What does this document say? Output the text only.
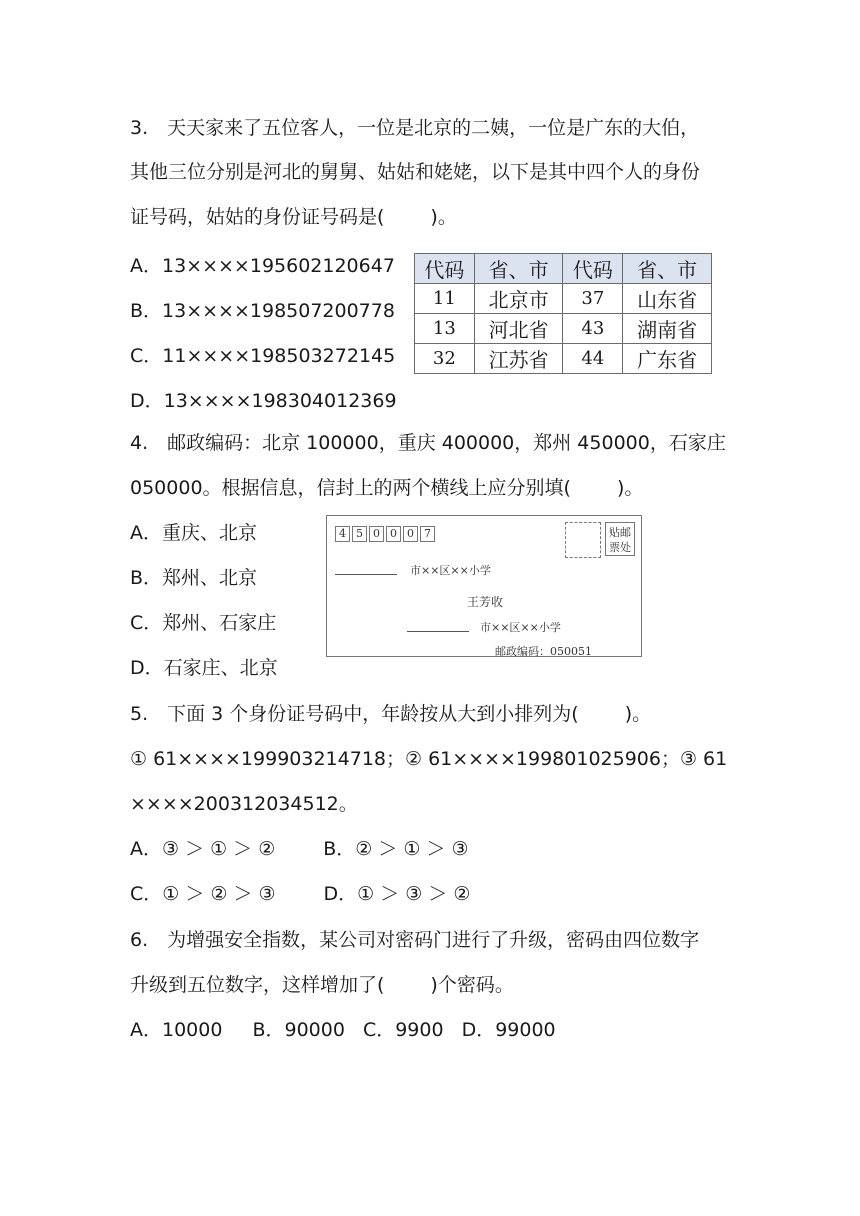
3.　天天家来了五位客人，一位是北京的二姨，一位是广东的大伯，
其他三位分别是河北的舅舅、姑姑和姥姥，以下是其中四个人的身份
证号码，姑姑的身份证号码是( )。
A．13××××195602120647
B．13××××198507200778
C．11××××198503272145
D．13××××198304012369
代码	省、市	代码	省、市
11	北京市	37	山东省
13	河北省	43	湖南省
32	江苏省	44	广东省
4.　邮政编码：北京 100000，重庆 400000，郑州 450000，石家庄
050000。根据信息，信封上的两个横线上应分别填( )。
A．重庆、北京
B．郑州、北京
C．郑州、石家庄
D．石家庄、北京
4 5 0 0 0 7	贴邮
票处
市××区××小学
王芳收
市××区××小学
邮政编码：050051
5.　下面 3 个身份证号码中，年龄按从大到小排列为( )。
① 61××××199903214718；② 61××××199801025906；③ 61
××××200312034512。
A．③ ＞ ① ＞ ②	B．② ＞ ① ＞ ③
C．① ＞ ② ＞ ③	D．① ＞ ③ ＞ ②
6.　为增强安全指数，某公司对密码门进行了升级，密码由四位数字
升级到五位数字，这样增加了( )个密码。
A．10000 B．90000 C．9900 D．99000
